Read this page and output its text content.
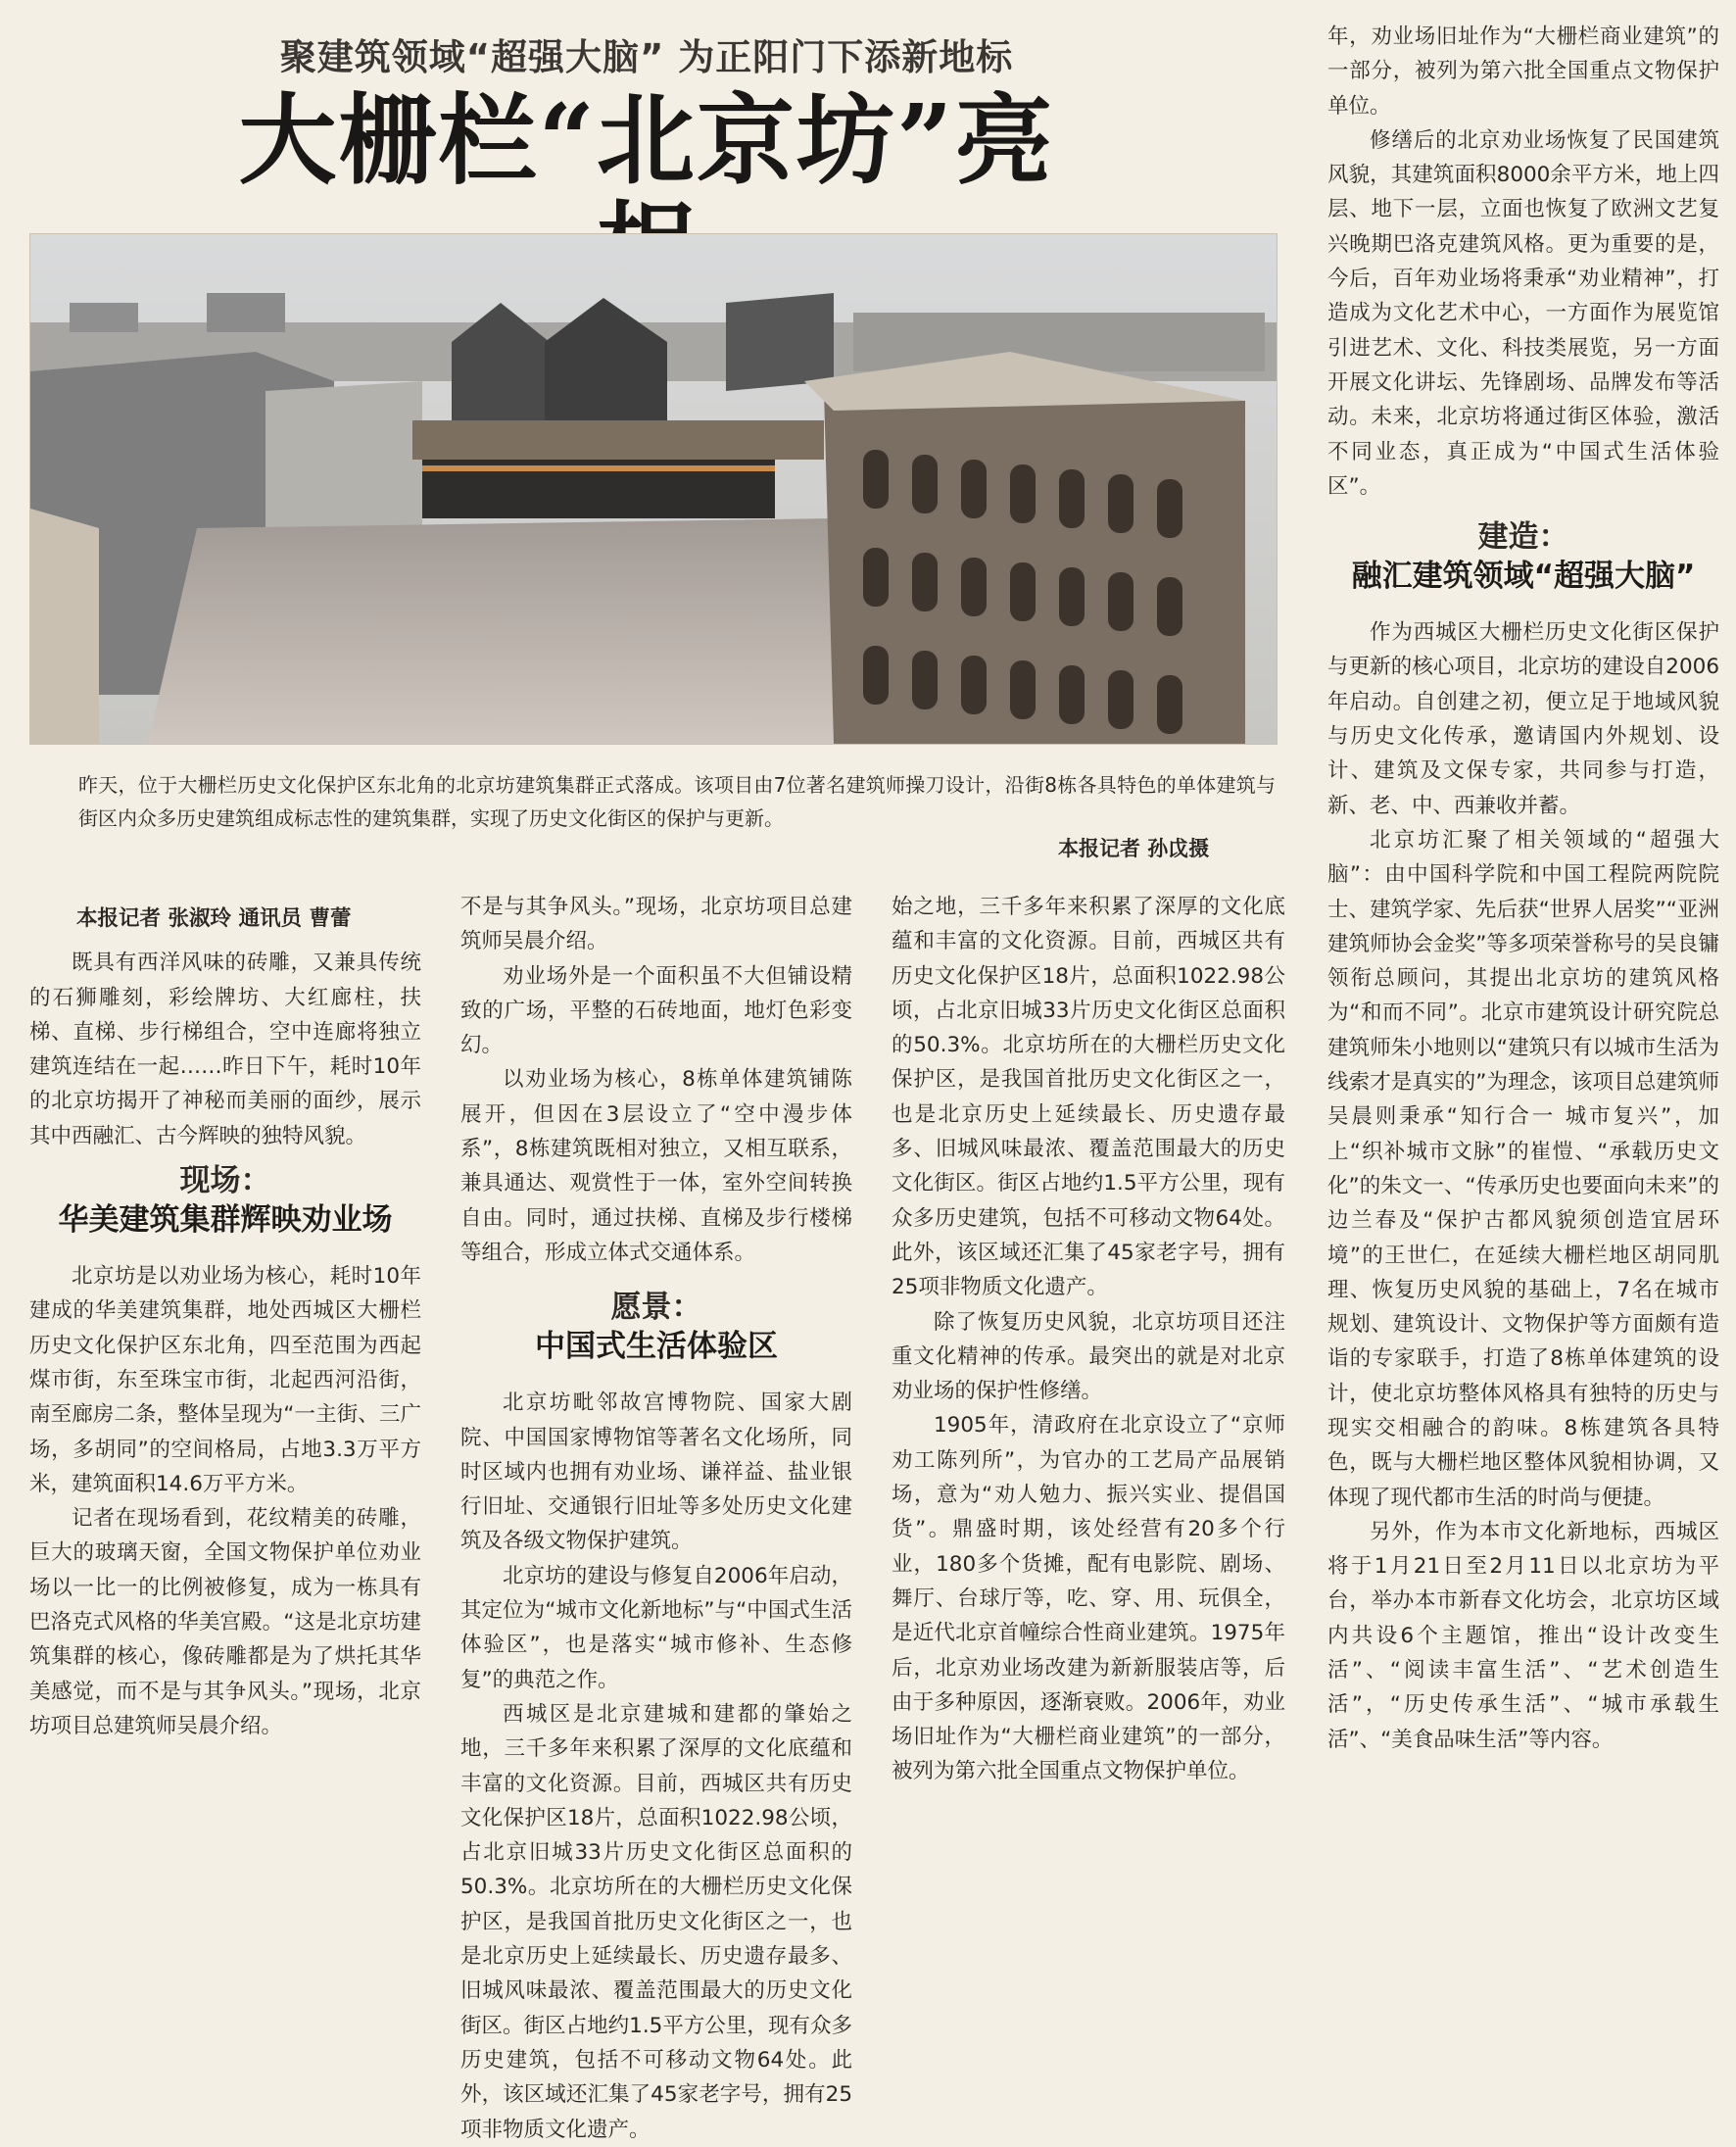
聚建筑领域“超强大脑” 为正阳门下添新地标
大栅栏“北京坊”亮
昨天，位于大栅栏历史文化保护区东北角的北京坊建筑集群正式落成。该项目由7位著名建筑师操刀设计，沿街8栋各具特色的单体建筑与街区内众多历史建筑组成标志性的建筑集群，实现了历史文化街区的保护与更新。
本报记者 孙戉摄

本报记者 张淑玲 通讯员 曹蕾

既具有西洋风味的砖雕，又兼具传统的石狮雕刻，彩绘牌坊、大红廊柱，扶梯、直梯、步行梯组合，空中连廊将独立建筑连结在一起……昨日下午，耗时10年的北京坊揭开了神秘而美丽的面纱，展示其中西融汇、古今辉映的独特风貌。

现场：
华美建筑集群辉映劝业场

北京坊是以劝业场为核心，耗时10年建成的华美建筑集群，地处西城区大栅栏历史文化保护区东北角，四至范围为西起煤市街，东至珠宝市街，北起西河沿街，南至廊房二条，整体呈现为“一主街、三广场，多胡同”的空间格局，占地3.3万平方米，建筑面积14.6万平方米。

记者在现场看到，花纹精美的砖雕，巨大的玻璃天窗，全国文物保护单位劝业场以一比一的比例被修复，成为一栋具有巴洛克式风格的华美宫殿。“这是北京坊建筑集群的核心，像砖雕都是为了烘托其华美感觉，而不是与其争风头。”现场，北京坊项目总建筑师吴晨介绍。

不是与其争风头。”现场，北京坊项目总建筑师吴晨介绍。

劝业场外是一个面积虽不大但铺设精致的广场，平整的石砖地面，地灯色彩变幻。

以劝业场为核心，8栋单体建筑铺陈展开，但因在3层设立了“空中漫步体系”，8栋建筑既相对独立，又相互联系，兼具通达、观赏性于一体，室外空间转换自由。同时，通过扶梯、直梯及步行楼梯等组合，形成立体式交通体系。

愿景：
中国式生活体验区

北京坊毗邻故宫博物院、国家大剧院、中国国家博物馆等著名文化场所，同时区域内也拥有劝业场、谦祥益、盐业银行旧址、交通银行旧址等多处历史文化建筑及各级文物保护建筑。

北京坊的建设与修复自2006年启动，其定位为“城市文化新地标”与“中国式生活体验区”，也是落实“城市修补、生态修复”的典范之作。

西城区是北京建城和建都的肇始之地，三千多年来积累了深厚的文化底蕴和丰富的文化资源。目前，西城区共有历史文化保护区18片，总面积1022.98公顷，占北京旧城33片历史文化街区总面积的50.3%。北京坊所在的大栅栏历史文化保护区，是我国首批历史文化街区之一，也是北京历史上延续最长、历史遗存最多、旧城风味最浓、覆盖范围最大的历史文化街区。街区占地约1.5平方公里，现有众多历史建筑，包括不可移动文物64处。此外，该区域还汇集了45家老字号，拥有25项非物质文化遗产。

始之地，三千多年来积累了深厚的文化底蕴和丰富的文化资源。目前，西城区共有历史文化保护区18片，总面积1022.98公顷，占北京旧城33片历史文化街区总面积的50.3%。北京坊所在的大栅栏历史文化保护区，是我国首批历史文化街区之一，也是北京历史上延续最长、历史遗存最多、旧城风味最浓、覆盖范围最大的历史文化街区。街区占地约1.5平方公里，现有众多历史建筑，包括不可移动文物64处。此外，该区域还汇集了45家老字号，拥有25项非物质文化遗产。

除了恢复历史风貌，北京坊项目还注重文化精神的传承。最突出的就是对北京劝业场的保护性修缮。

1905年，清政府在北京设立了“京师劝工陈列所”，为官办的工艺局产品展销场，意为“劝人勉力、振兴实业、提倡国货”。鼎盛时期，该处经营有20多个行业，180多个货摊，配有电影院、剧场、舞厅、台球厅等，吃、穿、用、玩俱全，是近代北京首幢综合性商业建筑。1975年后，北京劝业场改建为新新服装店等，后由于多种原因，逐渐衰败。2006年，劝业场旧址作为“大栅栏商业建筑”的一部分，被列为第六批全国重点文物保护单位。

年，劝业场旧址作为“大栅栏商业建筑”的一部分，被列为第六批全国重点文物保护单位。

修缮后的北京劝业场恢复了民国建筑风貌，其建筑面积8000余平方米，地上四层、地下一层，立面也恢复了欧洲文艺复兴晚期巴洛克建筑风格。更为重要的是，今后，百年劝业场将秉承“劝业精神”，打造成为文化艺术中心，一方面作为展览馆引进艺术、文化、科技类展览，另一方面开展文化讲坛、先锋剧场、品牌发布等活动。未来，北京坊将通过街区体验，激活不同业态，真正成为“中国式生活体验区”。

建造：
融汇建筑领域“超强大脑”

作为西城区大栅栏历史文化街区保护与更新的核心项目，北京坊的建设自2006年启动。自创建之初，便立足于地域风貌与历史文化传承，邀请国内外规划、设计、建筑及文保专家，共同参与打造，新、老、中、西兼收并蓄。

北京坊汇聚了相关领域的“超强大脑”：由中国科学院和中国工程院两院院士、建筑学家、先后获“世界人居奖”“亚洲建筑师协会金奖”等多项荣誉称号的吴良镛领衔总顾问，其提出北京坊的建筑风格为“和而不同”。北京市建筑设计研究院总建筑师朱小地则以“建筑只有以城市生活为线索才是真实的”为理念，该项目总建筑师吴晨则秉承“知行合一 城市复兴”，加上“织补城市文脉”的崔愷、“承载历史文化”的朱文一、“传承历史也要面向未来”的边兰春及“保护古都风貌须创造宜居环境”的王世仁，在延续大栅栏地区胡同肌理、恢复历史风貌的基础上，7名在城市规划、建筑设计、文物保护等方面颇有造诣的专家联手，打造了8栋单体建筑的设计，使北京坊整体风格具有独特的历史与现实交相融合的韵味。8栋建筑各具特色，既与大栅栏地区整体风貌相协调，又体现了现代都市生活的时尚与便捷。

另外，作为本市文化新地标，西城区将于1月21日至2月11日以北京坊为平台，举办本市新春文化坊会，北京坊区域内共设6个主题馆，推出“设计改变生活”、“阅读丰富生活”、“艺术创造生活”，“历史传承生活”、“城市承载生活”、“美食品味生活”等内容。
